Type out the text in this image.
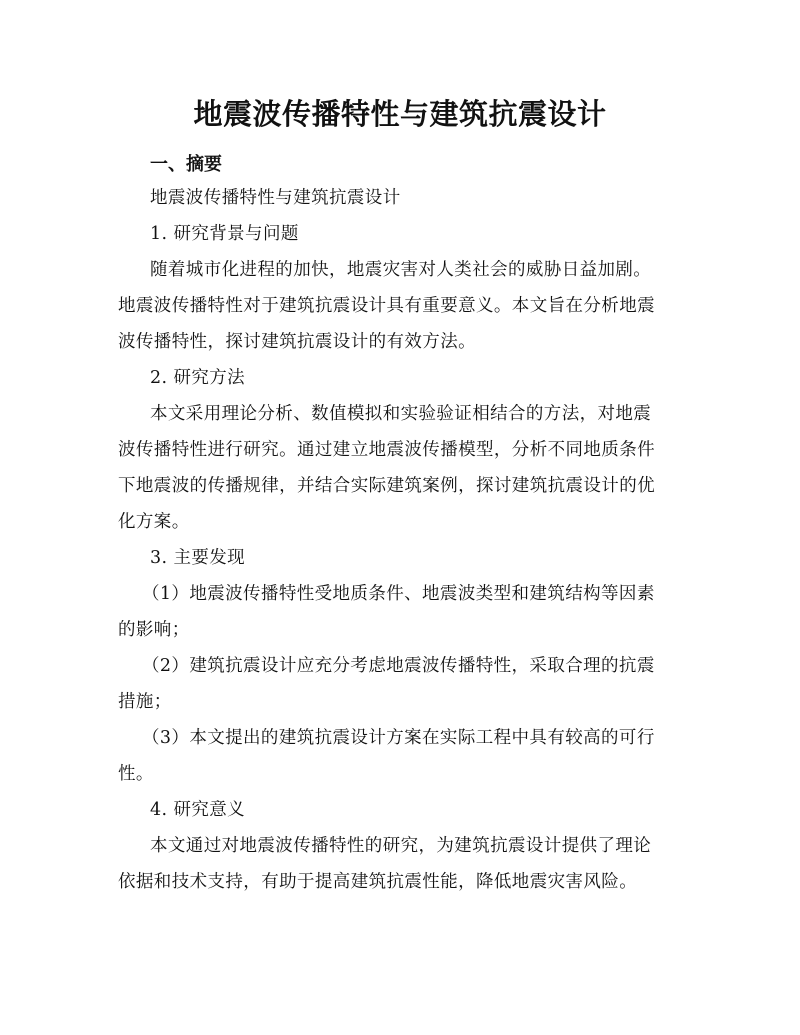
地震波传播特性与建筑抗震设计
一、摘要
地震波传播特性与建筑抗震设计
1. 研究背景与问题
随着城市化进程的加快，地震灾害对人类社会的威胁日益加剧。
地震波传播特性对于建筑抗震设计具有重要意义。本文旨在分析地震
波传播特性，探讨建筑抗震设计的有效方法。
2. 研究方法
本文采用理论分析、数值模拟和实验验证相结合的方法，对地震
波传播特性进行研究。通过建立地震波传播模型，分析不同地质条件
下地震波的传播规律，并结合实际建筑案例，探讨建筑抗震设计的优
化方案。
3. 主要发现
（1）地震波传播特性受地质条件、地震波类型和建筑结构等因素
的影响；
（2）建筑抗震设计应充分考虑地震波传播特性，采取合理的抗震
措施；
（3）本文提出的建筑抗震设计方案在实际工程中具有较高的可行
性。
4. 研究意义
本文通过对地震波传播特性的研究，为建筑抗震设计提供了理论
依据和技术支持，有助于提高建筑抗震性能，降低地震灾害风险。
